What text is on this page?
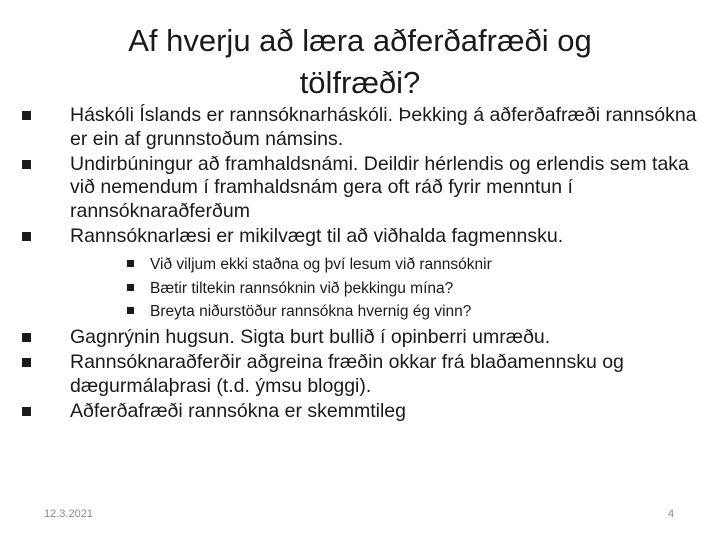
Af hverju að læra aðferðafræði og tölfræði?
Háskóli Íslands er rannsóknarháskóli. Þekking á aðferðafræði rannsókna er ein af grunnstoðum námsins.
Undirbúningur að framhaldsnámi. Deildir hérlendis og erlendis sem taka við nemendum í framhaldsnám gera oft ráð fyrir menntun í rannsóknaraðferðum
Rannsóknarlæsi er mikilvægt til að viðhalda fagmennsku.
Við viljum ekki staðna og því lesum við rannsóknir
Bætir tiltekin rannsóknin við þekkingu mína?
Breyta niðurstöður rannsókna hvernig ég vinn?
Gagnrýnin hugsun. Sigta burt bullið í opinberri umræðu.
Rannsóknaraðferðir aðgreina fræðin okkar frá blaðamennsku og dægurmálaþrasi (t.d. ýmsu bloggi).
Aðferðafræði rannsókna er skemmtileg
12.3.2021	4
